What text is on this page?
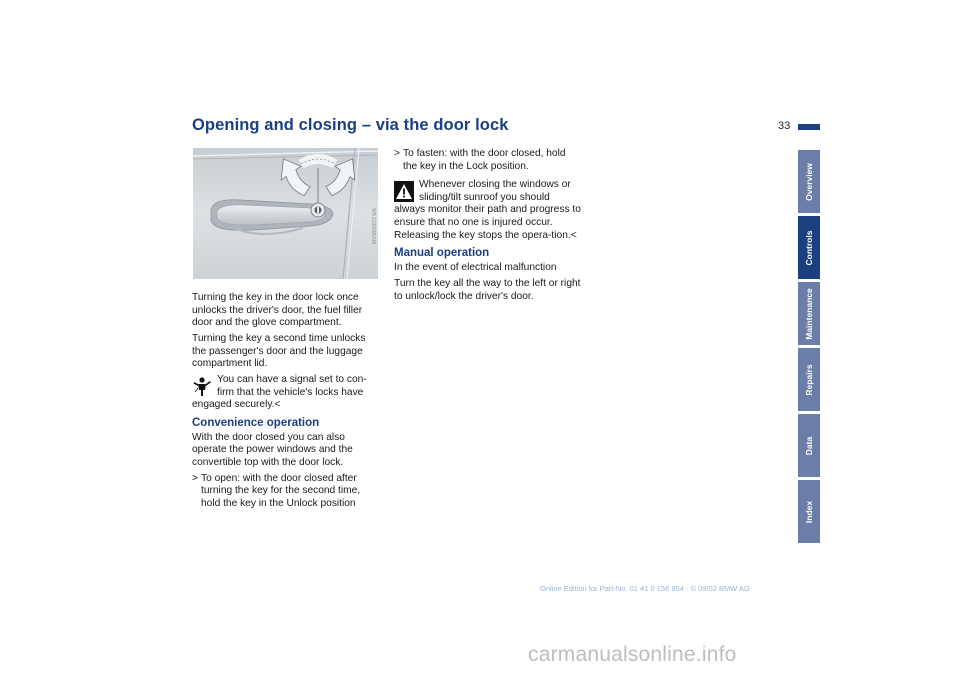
Opening and closing – via the door lock	33
MV0800072 MA

Turning the key in the door lock once unlocks the driver's door, the fuel filler door and the glove compartment.

Turning the key a second time unlocks the passenger's door and the luggage compartment lid.

You can have a signal set to con-firm that the vehicle's locks have engaged securely.<
Convenience operation

With the door closed you can also operate the power windows and the convertible top with the door lock.

> To open: with the door closed after turning the key for the second time, hold the key in the Unlock position
> To fasten: with the door closed, hold the key in the Lock position.
Whenever closing the windows or sliding/tilt sunroof you should always monitor their path and progress to ensure that no one is injured occur. Releasing the key stops the opera-tion.<
Manual operation

In the event of electrical malfunction

Turn the key all the way to the left or right to unlock/lock the driver's door.

Overview
Controls
Maintenance
Repairs
Data
Index
Online Edition for Part-No. 01 41 0 156 854 - © 09/02 BMW AG
carmanualsonline.info
